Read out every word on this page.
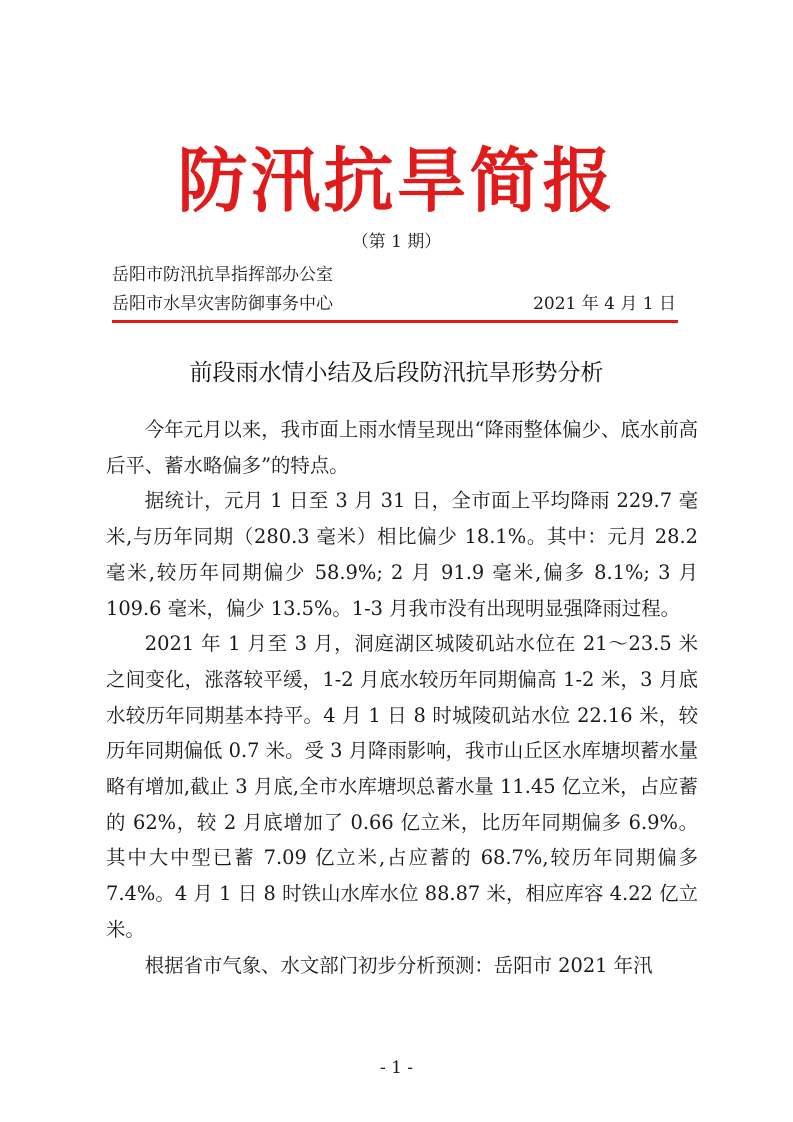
防汛抗旱简报
（第 1 期）
岳阳市防汛抗旱指挥部办公室
岳阳市水旱灾害防御事务中心	2021 年 4 月 1 日
前段雨水情小结及后段防汛抗旱形势分析

今年元月以来，我市面上雨水情呈现出“降雨整体偏少、底水前高后平、蓄水略偏多”的特点。

据统计，元月 1 日至 3 月 31 日，全市面上平均降雨 229.7 毫米,与历年同期（280.3 毫米）相比偏少 18.1%。其中：元月 28.2 毫米,较历年同期偏少 58.9%; 2 月 91.9 毫米,偏多 8.1%; 3 月 109.6 毫米，偏少 13.5%。1-3 月我市没有出现明显强降雨过程。

2021 年 1 月至 3 月，洞庭湖区城陵矶站水位在 21～23.5 米之间变化，涨落较平缓，1-2 月底水较历年同期偏高 1-2 米，3 月底水较历年同期基本持平。4 月 1 日 8 时城陵矶站水位 22.16 米，较历年同期偏低 0.7 米。受 3 月降雨影响，我市山丘区水库塘坝蓄水量略有增加,截止 3 月底,全市水库塘坝总蓄水量 11.45 亿立米，占应蓄的 62%，较 2 月底增加了 0.66 亿立米，比历年同期偏多 6.9%。其中大中型已蓄 7.09 亿立米,占应蓄的 68.7%,较历年同期偏多 7.4%。4 月 1 日 8 时铁山水库水位 88.87 米，相应库容 4.22 亿立米。

根据省市气象、水文部门初步分析预测：岳阳市 2021 年汛

- 1 -
